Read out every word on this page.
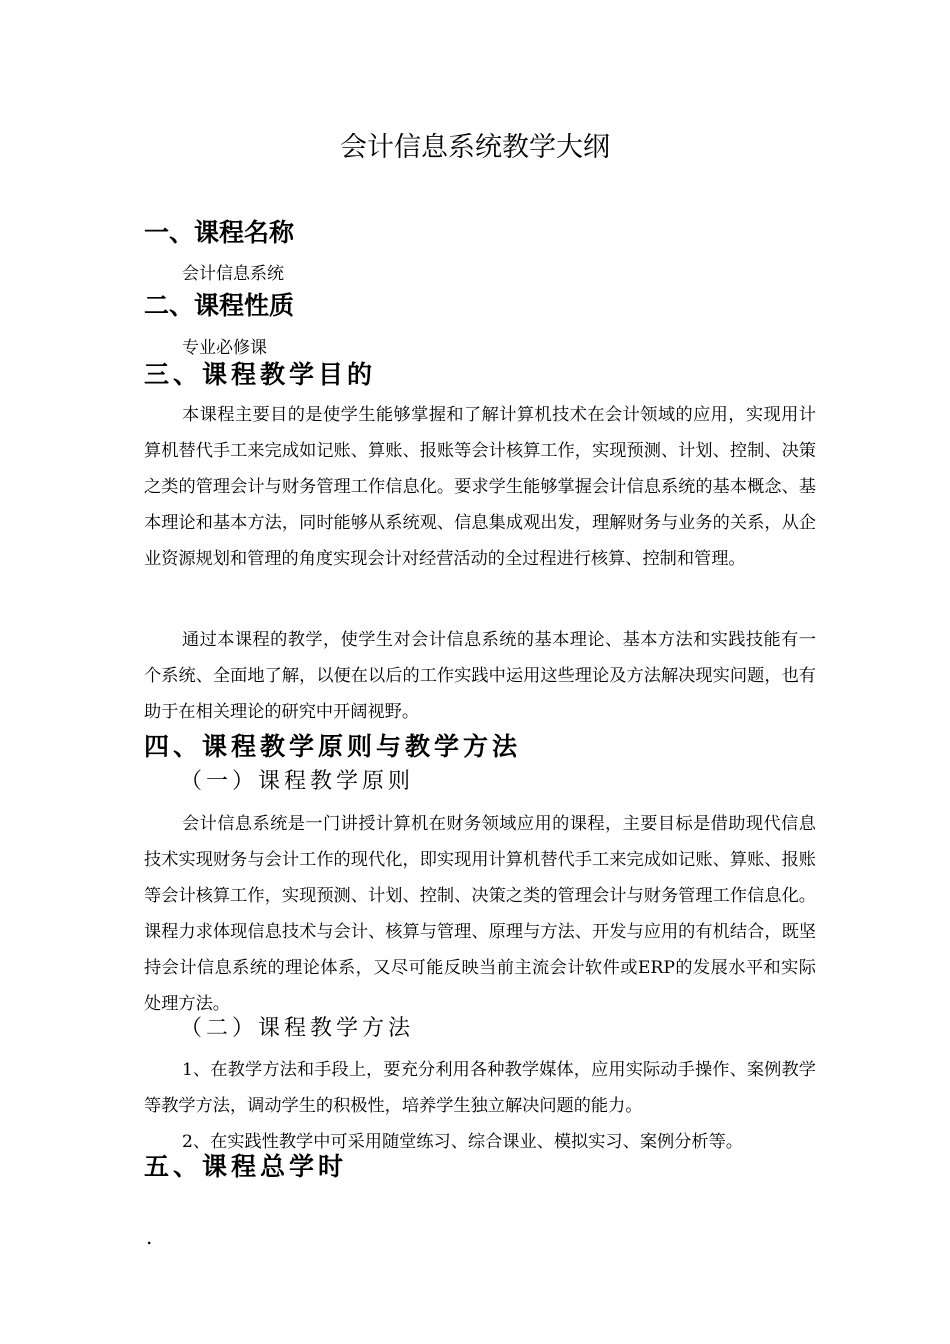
会计信息系统教学大纲
一、课程名称

会计信息系统

二、课程性质

专业必修课

三、课程教学目的

本课程主要目的是使学生能够掌握和了解计算机技术在会计领域的应用，实现用计算机替代手工来完成如记账、算账、报账等会计核算工作，实现预测、计划、控制、决策之类的管理会计与财务管理工作信息化。要求学生能够掌握会计信息系统的基本概念、基本理论和基本方法，同时能够从系统观、信息集成观出发，理解财务与业务的关系，从企业资源规划和管理的角度实现会计对经营活动的全过程进行核算、控制和管理。

通过本课程的教学，使学生对会计信息系统的基本理论、基本方法和实践技能有一个系统、全面地了解，以便在以后的工作实践中运用这些理论及方法解决现实问题，也有助于在相关理论的研究中开阔视野。

四、课程教学原则与教学方法
（一）课程教学原则

会计信息系统是一门讲授计算机在财务领域应用的课程，主要目标是借助现代信息技术实现财务与会计工作的现代化，即实现用计算机替代手工来完成如记账、算账、报账等会计核算工作，实现预测、计划、控制、决策之类的管理会计与财务管理工作信息化。课程力求体现信息技术与会计、核算与管理、原理与方法、开发与应用的有机结合，既坚持会计信息系统的理论体系，又尽可能反映当前主流会计软件或ERP的发展水平和实际处理方法。

（二）课程教学方法

1、在教学方法和手段上，要充分利用各种教学媒体，应用实际动手操作、案例教学等教学方法，调动学生的积极性，培养学生独立解决问题的能力。

2、在实践性教学中可采用随堂练习、综合课业、模拟实习、案例分析等。

五、课程总学时

.
